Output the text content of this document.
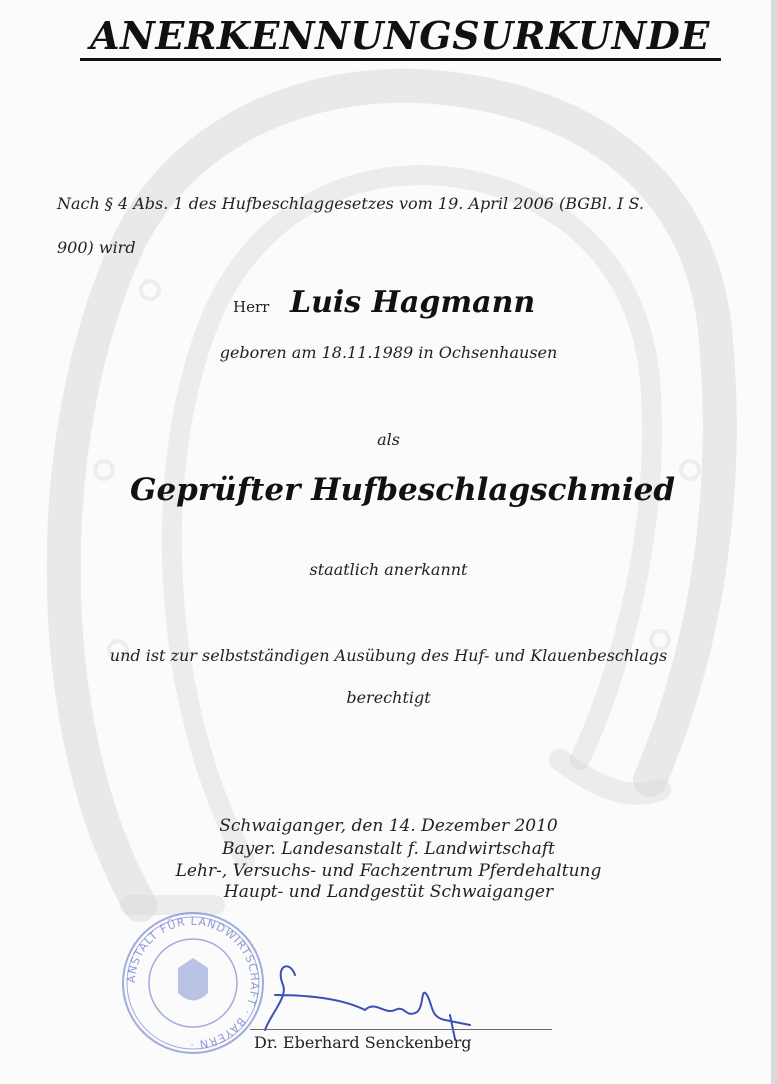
ANERKENNUNGSURKUNDE
Nach § 4 Abs. 1 des Hufbeschlaggesetzes vom 19. April 2006 (BGBl. I S.
900) wird
Herr Luis Hagmann
geboren am 18.11.1989 in Ochsenhausen
als
Geprüfter Hufbeschlagschmied
staatlich anerkannt
und ist zur selbstständigen Ausübung des Huf- und Klauenbeschlags
berechtigt
Schwaiganger, den 14. Dezember 2010
Bayer. Landesanstalt f. Landwirtschaft
Lehr-, Versuchs- und Fachzentrum Pferdehaltung
Haupt- und Landgestüt Schwaiganger
ANSTALT FÜR LANDWIRTSCHAFT · BAYERN ·	Dr. Eberhard Senckenberg
